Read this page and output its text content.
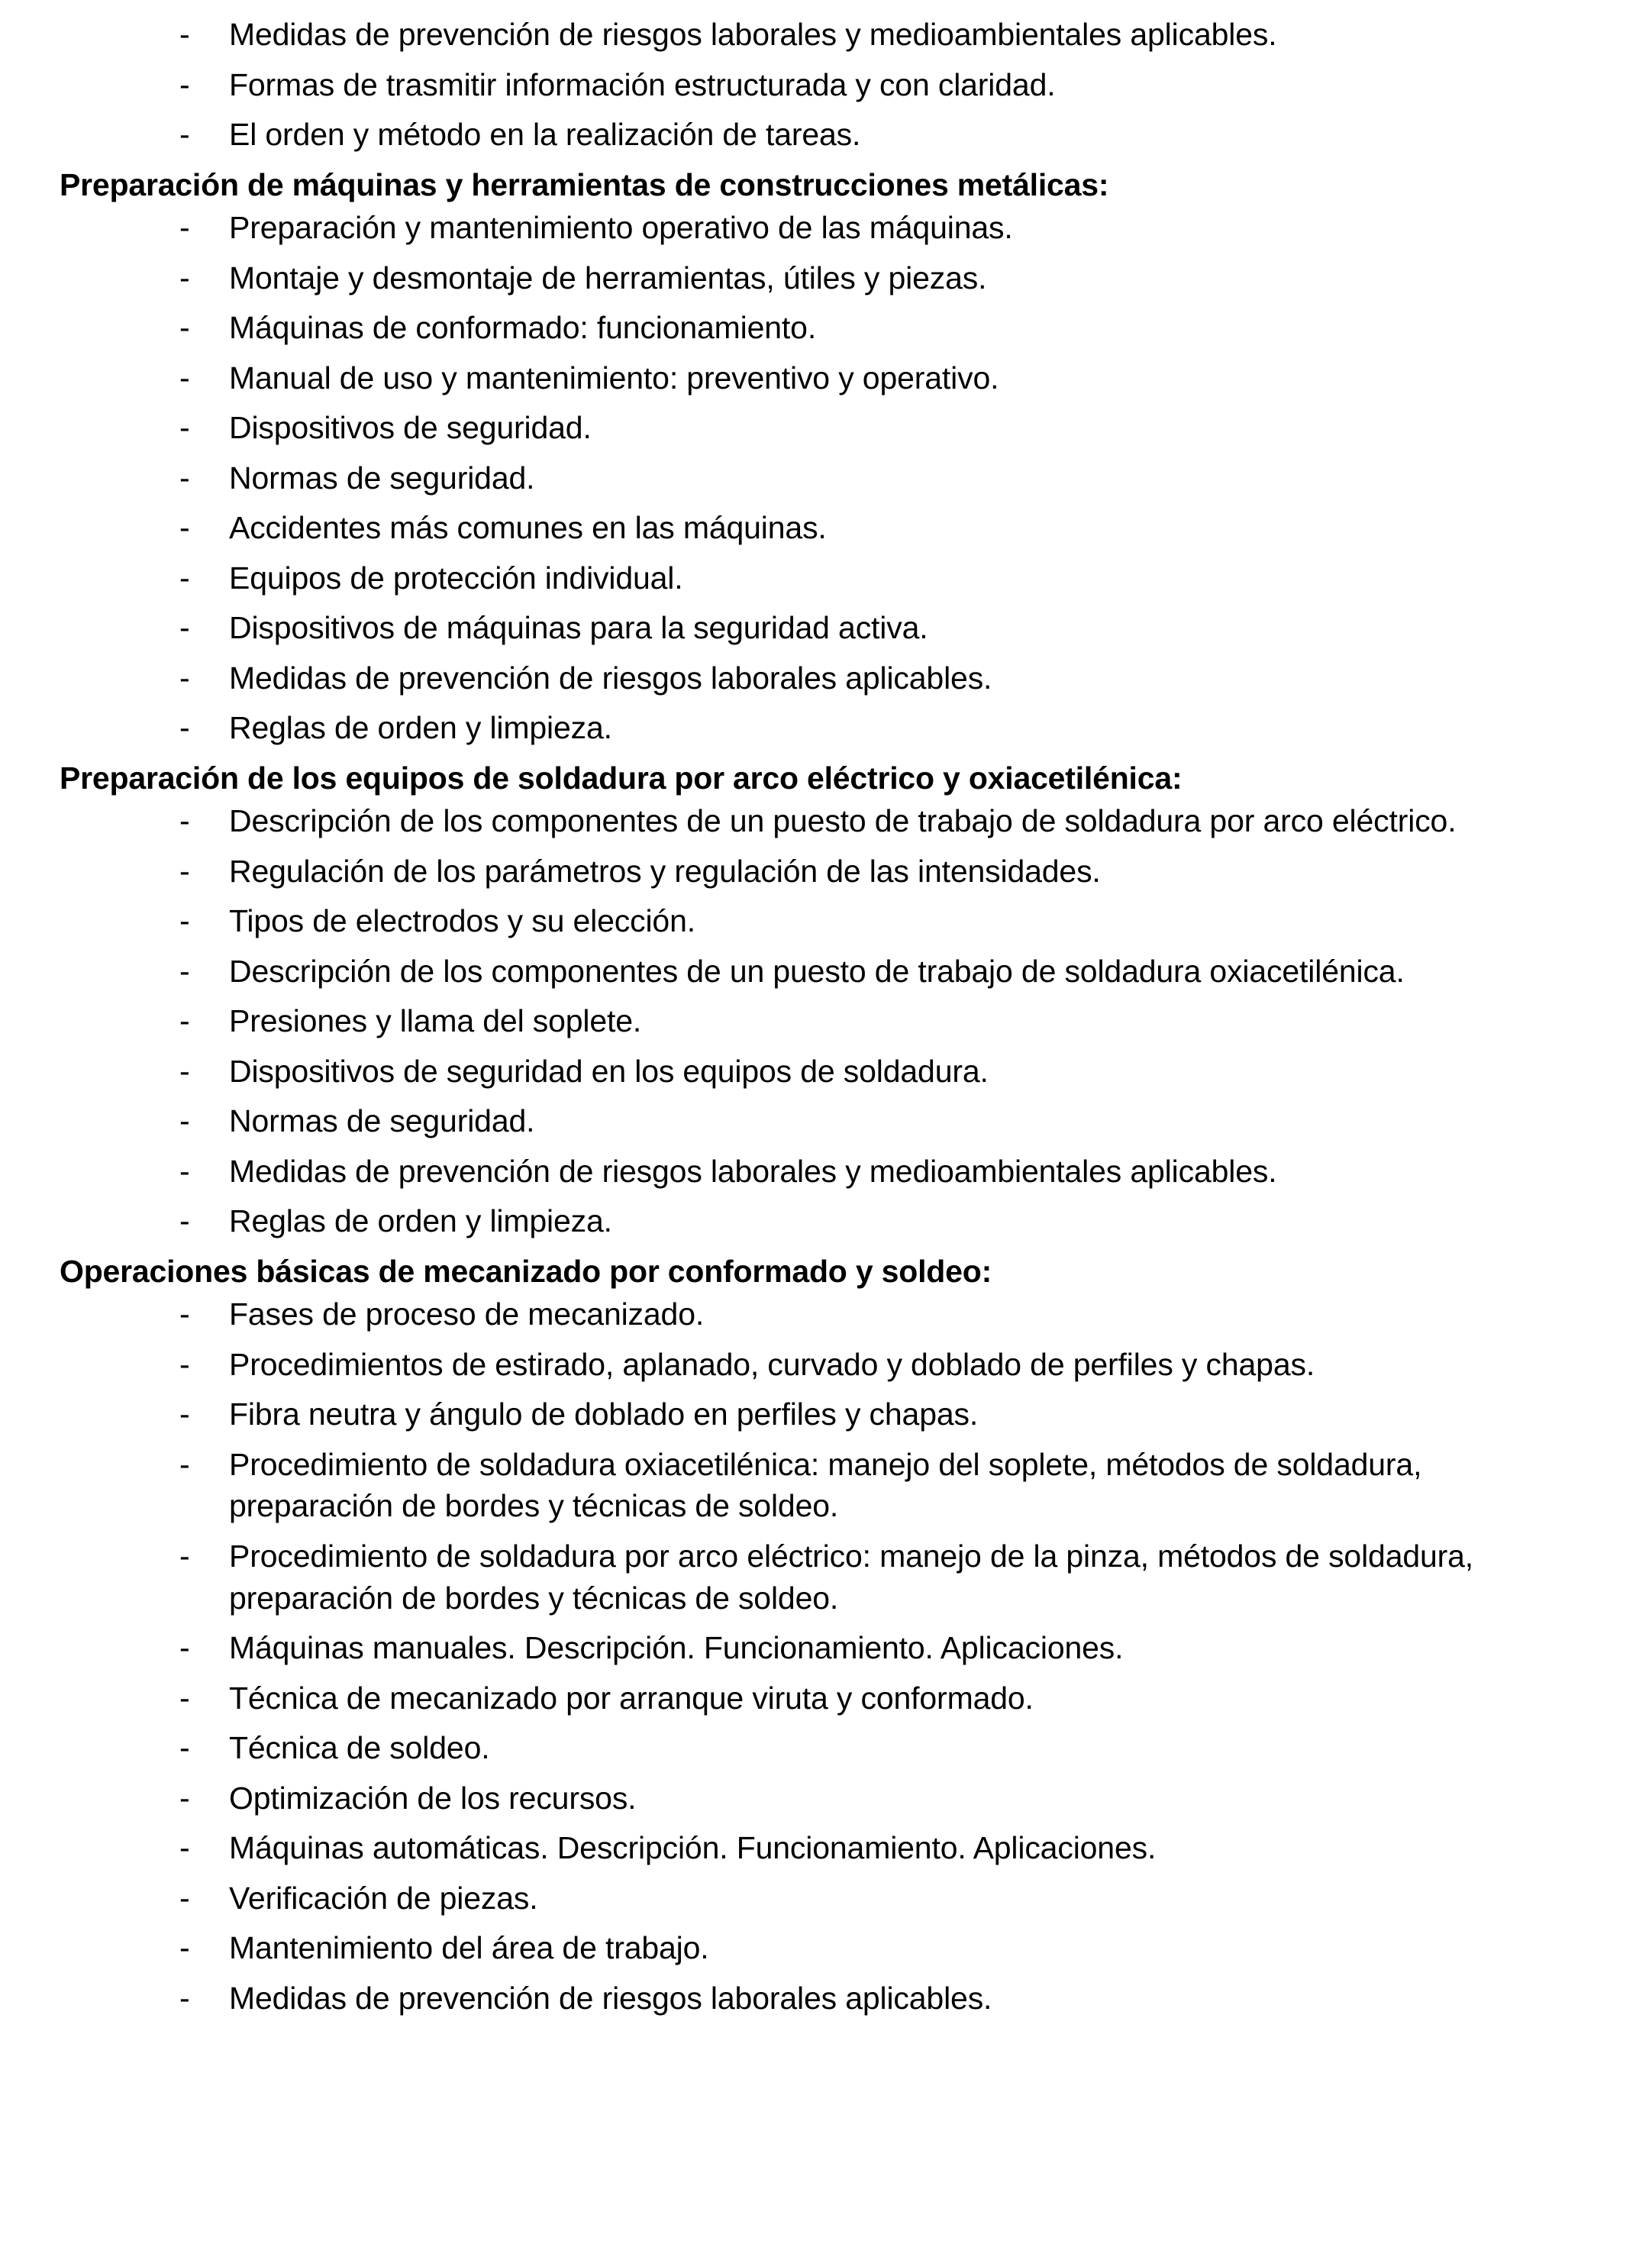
-	Medidas de prevención de riesgos laborales y medioambientales aplicables.
-	Formas de trasmitir información estructurada y con claridad.
-	El orden y método en la realización de tareas.
Preparación de máquinas y herramientas de construcciones metálicas:
-	Preparación y mantenimiento operativo de las máquinas.
-	Montaje y desmontaje de herramientas, útiles y piezas.
-	Máquinas de conformado: funcionamiento.
-	Manual de uso y mantenimiento: preventivo y operativo.
-	Dispositivos de seguridad.
-	Normas de seguridad.
-	Accidentes más comunes en las máquinas.
-	Equipos de protección individual.
-	Dispositivos de máquinas para la seguridad activa.
-	Medidas de prevención de riesgos laborales aplicables.
-	Reglas de orden y limpieza.
Preparación de los equipos de soldadura por arco eléctrico y oxiacetilénica:
-	Descripción de los componentes de un puesto de trabajo de soldadura por arco eléctrico.
-	Regulación de los parámetros y regulación de las intensidades.
-	Tipos de electrodos y su elección.
-	Descripción de los componentes de un puesto de trabajo de soldadura oxiacetilénica.
-	Presiones y llama del soplete.
-	Dispositivos de seguridad en los equipos de soldadura.
-	Normas de seguridad.
-	Medidas de prevención de riesgos laborales y medioambientales aplicables.
-	Reglas de orden y limpieza.
Operaciones básicas de mecanizado por conformado y soldeo:
-	Fases de proceso de mecanizado.
-	Procedimientos de estirado, aplanado, curvado y doblado de perfiles y chapas.
-	Fibra neutra y ángulo de doblado en perfiles y chapas.
-	Procedimiento de soldadura oxiacetilénica: manejo del soplete, métodos de soldadura, preparación de bordes y técnicas de soldeo.
-	Procedimiento de soldadura por arco eléctrico: manejo de la pinza, métodos de soldadura, preparación de bordes y técnicas de soldeo.
-	Máquinas manuales. Descripción. Funcionamiento. Aplicaciones.
-	Técnica de mecanizado por arranque viruta y conformado.
-	Técnica de soldeo.
-	Optimización de los recursos.
-	Máquinas automáticas. Descripción. Funcionamiento. Aplicaciones.
-	Verificación de piezas.
-	Mantenimiento del área de trabajo.
-	Medidas de prevención de riesgos laborales aplicables.
